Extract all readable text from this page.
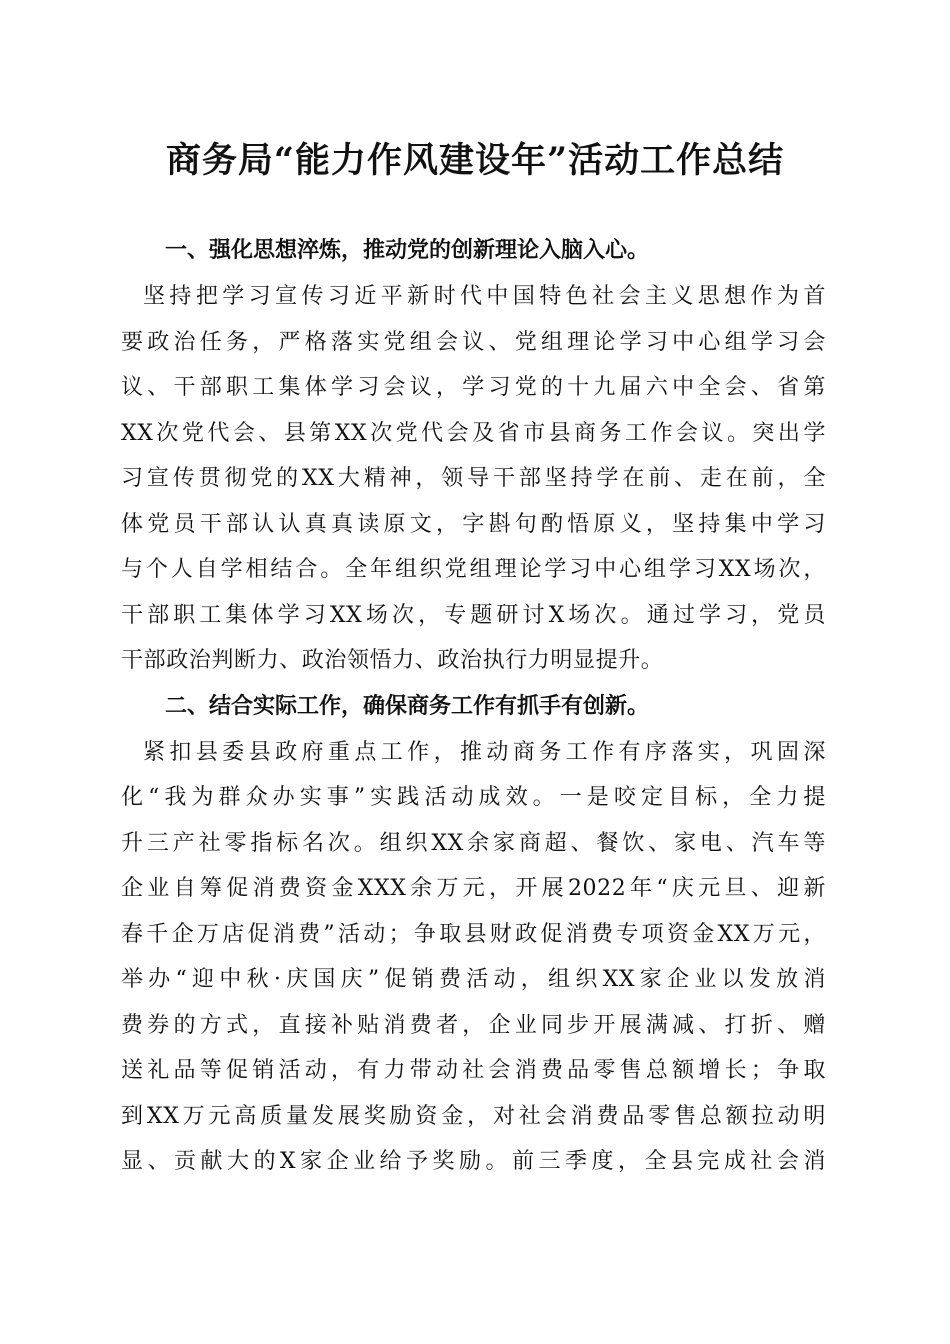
商务局“能力作风建设年”活动工作总结
一、强化思想淬炼，推动党的创新理论入脑入心。
坚持把学习宣传习近平新时代中国特色社会主义思想作为首
要政治任务，严格落实党组会议、党组理论学习中心组学习会
议、干部职工集体学习会议，学习党的十九届六中全会、省第
XX次党代会、县第XX次党代会及省市县商务工作会议。突出学
习宣传贯彻党的XX大精神，领导干部坚持学在前、走在前，全
体党员干部认认真真读原文，字斟句酌悟原义，坚持集中学习
与个人自学相结合。全年组织党组理论学习中心组学习XX场次，
干部职工集体学习XX场次，专题研讨X场次。通过学习，党员
干部政治判断力、政治领悟力、政治执行力明显提升。
二、结合实际工作，确保商务工作有抓手有创新。
紧扣县委县政府重点工作，推动商务工作有序落实，巩固深
化“我为群众办实事”实践活动成效。一是咬定目标，全力提
升三产社零指标名次。组织XX余家商超、餐饮、家电、汽车等
企业自筹促消费资金XXX余万元，开展2022年“庆元旦、迎新
春千企万店促消费”活动；争取县财政促消费专项资金XX万元，
举办“迎中秋·庆国庆”促销费活动，组织XX家企业以发放消
费券的方式，直接补贴消费者，企业同步开展满减、打折、赠
送礼品等促销活动，有力带动社会消费品零售总额增长；争取
到XX万元高质量发展奖励资金，对社会消费品零售总额拉动明
显、贡献大的X家企业给予奖励。前三季度，全县完成社会消
